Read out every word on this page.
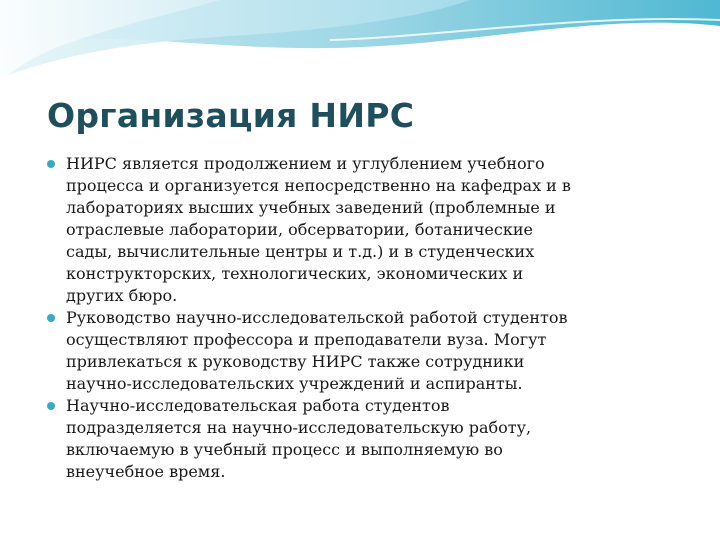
Организация НИРС
НИРС является продолжением и углублением учебного
процесса и организуется непосредственно на кафедрах и в
лабораториях высших учебных заведений (проблемные и
отраслевые лаборатории, обсерватории, ботанические
сады, вычислительные центры и т.д.) и в студенческих
конструкторских, технологических, экономических и
других бюро.
Руководство научно-исследовательской работой студентов
осуществляют профессора и преподаватели вуза. Могут
привлекаться к руководству НИРС также сотрудники
научно-исследовательских учреждений и аспиранты.
Научно-исследовательская работа студентов
подразделяется на научно-исследовательскую работу,
включаемую в учебный процесс и выполняемую во
внеучебное время.
